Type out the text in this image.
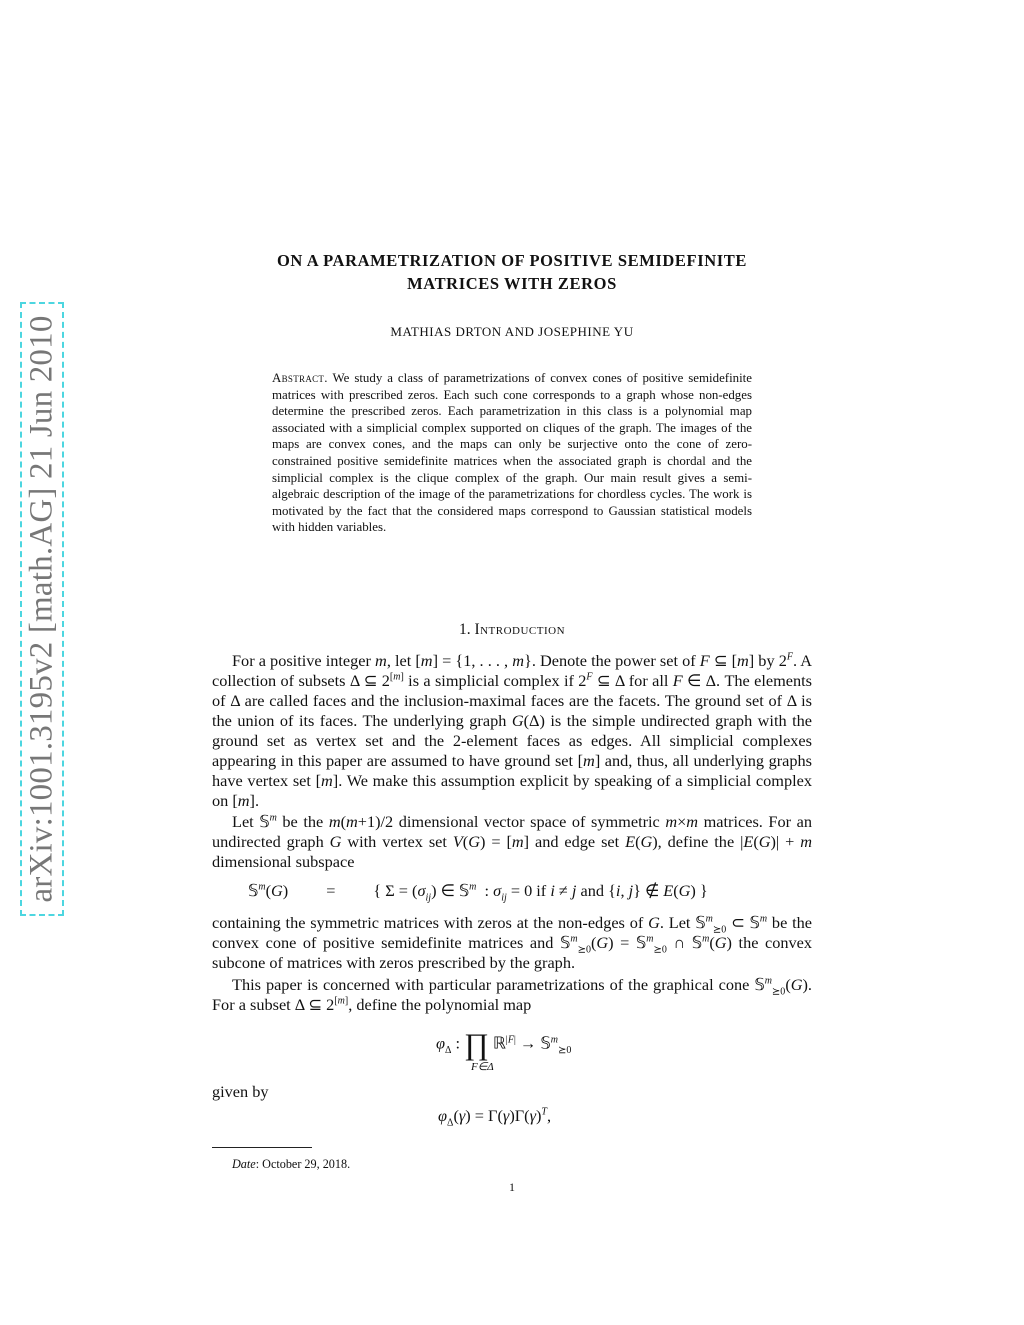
arXiv:1001.3195v2 [math.AG] 21 Jun 2010
ON A PARAMETRIZATION OF POSITIVE SEMIDEFINITE
MATRICES WITH ZEROS
MATHIAS DRTON AND JOSEPHINE YU
Abstract. We study a class of parametrizations of convex cones of positive semidefinite matrices with prescribed zeros. Each such cone corresponds to a graph whose non-edges determine the prescribed zeros. Each parametrization in this class is a polynomial map associated with a simplicial complex supported on cliques of the graph. The images of the maps are convex cones, and the maps can only be surjective onto the cone of zero-constrained positive semidefinite matrices when the associated graph is chordal and the simplicial complex is the clique complex of the graph. Our main result gives a semi-algebraic description of the image of the parametrizations for chordless cycles. The work is motivated by the fact that the considered maps correspond to Gaussian statistical models with hidden variables.
1. Introduction

For a positive integer m, let [m] = {1, . . . , m}. Denote the power set of F ⊆ [m] by $2^F$. A collection of subsets Δ ⊆ 2[m] is a simplicial complex if $2^F$ ⊆ Δ for all F ∈ Δ. The elements of Δ are called faces and the inclusion-maximal faces are the facets. The ground set of Δ is the union of its faces. The underlying graph G(Δ) is the simple undirected graph with the ground set as vertex set and the 2-element faces as edges. All simplicial complexes appearing in this paper are assumed to have ground set [m] and, thus, all underlying graphs have vertex set [m]. We make this assumption explicit by speaking of a simplicial complex on [m].

Let 𝕊$^m$ be the m(m+1)/2 dimensional vector space of symmetric m×m matrices. For an undirected graph G with vertex set V(G) = [m] and edge set E(G), define the |E(G)| + m dimensional subspace

𝕊$^m$(G) = { $\Sigma = (\sigma_{ij})$ ∈ 𝕊$^m$  : $\sigma_{ij} = 0$ if i ≠ j and {i, j} ∉ E(G) }

containing the symmetric matrices with zeros at the non-edges of G. Let 𝕊$^m_{⪰0}$ ⊂ 𝕊$^m$ be the convex cone of positive semidefinite matrices and 𝕊$^m_{⪰0}$(G) = 𝕊$^m_{⪰0}$ ∩ 𝕊$^m$(G) the convex subcone of matrices with zeros prescribed by the graph.

This paper is concerned with particular parametrizations of the graphical cone 𝕊$^m_{⪰0}$(G). For a subset Δ ⊆ 2[m], define the polynomial map

$\varphi_\Delta$ : ∏ ℝ$^{|F|}$ → 𝕊$^m_{⪰0}$
F∈Δ
given by
$\varphi_\Delta(\gamma) = \Gamma(\gamma)\Gamma(\gamma)^T$,
Date: October 29, 2018.
1
